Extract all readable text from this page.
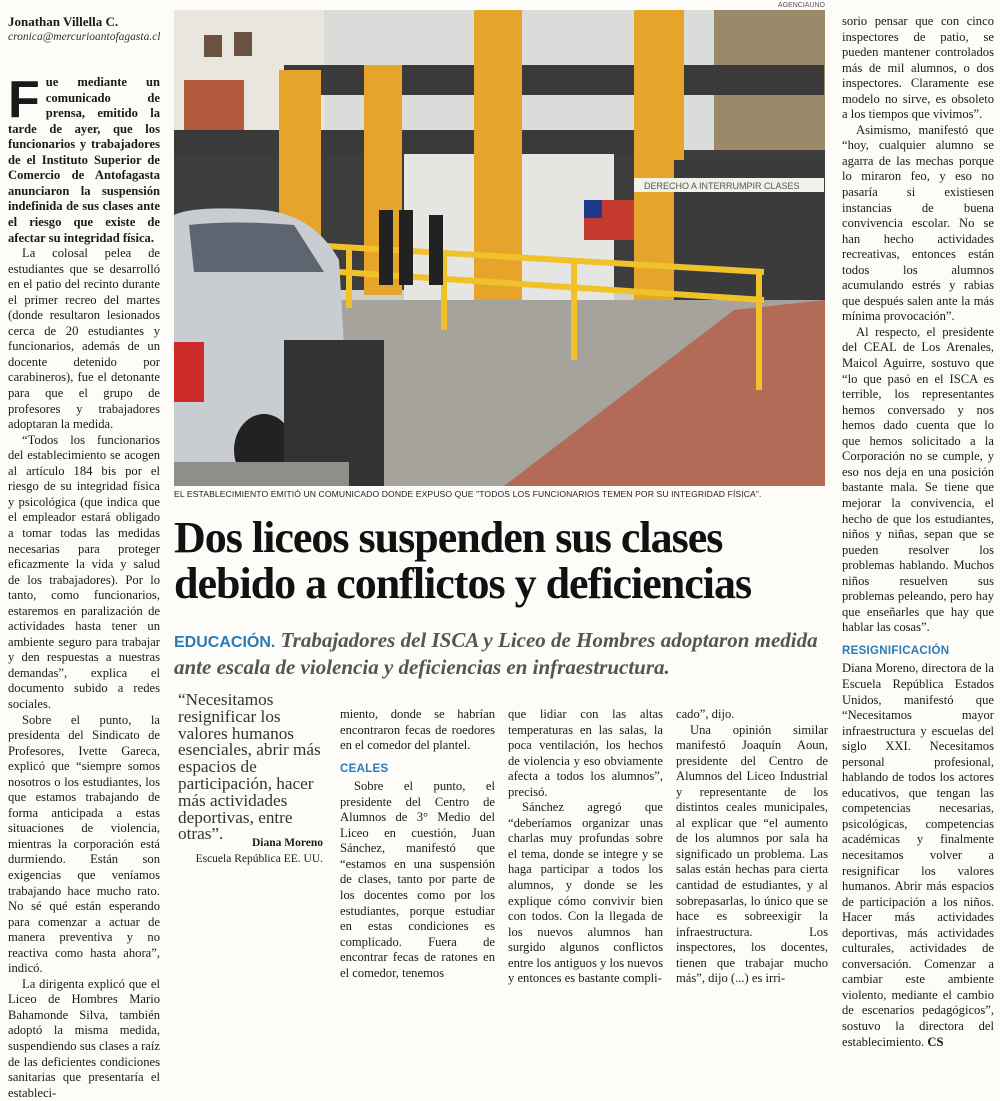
Jonathan Villella C.
cronica@mercurioantofagasta.cl

Fue mediante un comunicado de prensa, emitido la tarde de ayer, que los funcionarios y trabajadores de el Instituto Superior de Comercio de Antofagasta anunciaron la suspensión indefinida de sus clases ante el riesgo que existe de afectar su integridad física.

La colosal pelea de estudiantes que se desarrolló en el patio del recinto durante el primer recreo del martes (donde resultaron lesionados cerca de 20 estudiantes y funcionarios, además de un docente detenido por carabineros), fue el detonante para que el grupo de profesores y trabajadores adoptaran la medida.

“Todos los funcionarios del establecimiento se acogen al artículo 184 bis por el riesgo de su integridad física y psicológica (que indica que el empleador estará obligado a tomar todas las medidas necesarias para proteger eficazmente la vida y salud de los trabajadores). Por lo tanto, como funcionarios, estaremos en paralización de actividades hasta tener un ambiente seguro para trabajar y den respuestas a nuestras demandas”, explica el documento subido a redes sociales.

Sobre el punto, la presidenta del Sindicato de Profesores, Ivette Gareca, explicó que “siempre somos nosotros o los estudiantes, los que estamos trabajando de forma anticipada a estas situaciones de violencia, mientras la corporación está durmiendo. Están son exigencias que veníamos trabajando hace mucho rato. No sé qué están esperando para comenzar a actuar de manera preventiva y no reactiva como hasta ahora”, indicó.

La dirigenta explicó que el Liceo de Hombres Mario Bahamonde Silva, también adoptó la misma medida, suspendiendo sus clases a raíz de las deficientes condiciones sanitarias que presentaría el estableci-

AGENCIAUNO
DERECHO A INTERRUMPIR CLASES
EL ESTABLECIMIENTO EMITIÓ UN COMUNICADO DONDE EXPUSO QUE "TODOS LOS FUNCIONARIOS TEMEN POR SU INTEGRIDAD FÍSICA".
Dos liceos suspenden sus clases debido a conflictos y deficiencias
EDUCACIÓN. Trabajadores del ISCA y Liceo de Hombres adoptaron medida ante escala de violencia y deficiencias en infraestructura.
“Necesitamos resignificar los valores humanos esenciales, abrir más espacios de participación, hacer más actividades deportivas, entre otras”.	Diana Moreno
Escuela República EE. UU.

miento, donde se habrían encontraron fecas de roedores en el comedor del plantel.

CEALES

Sobre el punto, el presidente del Centro de Alumnos de 3° Medio del Liceo en cuestión, Juan Sánchez, manifestó que “estamos en una suspensión de clases, tanto por parte de los docentes como por los estudiantes, porque estudiar en estas condiciones es complicado. Fuera de encontrar fecas de ratones en el comedor, tenemos

que lidiar con las altas temperaturas en las salas, la poca ventilación, los hechos de violencia y eso obviamente afecta a todos los alumnos”, precisó.

Sánchez agregó que “deberíamos organizar unas charlas muy profundas sobre el tema, donde se integre y se haga participar a todos los alumnos, y donde se les explique cómo convivir bien con todos. Con la llegada de los nuevos alumnos han surgido algunos conflictos entre los antiguos y los nuevos y entonces es bastante compli-

cado”, dijo.

Una opinión similar manifestó Joaquín Aoun, presidente del Centro de Alumnos del Liceo Industrial y representante de los distintos ceales municipales, al explicar que “el aumento de los alumnos por sala ha significado un problema. Las salas están hechas para cierta cantidad de estudiantes, y al sobrepasarlas, lo único que se hace es sobreexigir la infraestructura. Los inspectores, los docentes, tienen que trabajar mucho más”, dijo (...) es irri-

sorio pensar que con cinco inspectores de patio, se pueden mantener controlados más de mil alumnos, o dos inspectores. Claramente ese modelo no sirve, es obsoleto a los tiempos que vivimos”.

Asimismo, manifestó que “hoy, cualquier alumno se agarra de las mechas porque lo miraron feo, y eso no pasaría si existiesen instancias de buena convivencia escolar. No se han hecho actividades recreativas, entonces están todos los alumnos acumulando estrés y rabias que después salen ante la más mínima provocación”.

Al respecto, el presidente del CEAL de Los Arenales, Maicol Aguirre, sostuvo que “lo que pasó en el ISCA es terrible, los representantes hemos conversado y nos hemos dado cuenta que lo que hemos solicitado a la Corporación no se cumple, y eso nos deja en una posición bastante mala. Se tiene que mejorar la convivencia, el hecho de que los estudiantes, niños y niñas, sepan que se pueden resolver los problemas hablando. Muchos niños resuelven sus problemas peleando, pero hay que enseñarles que hay que hablar las cosas”.

RESIGNIFICACIÓN

Diana Moreno, directora de la Escuela República Estados Unidos, manifestó que “Necesitamos mayor infraestructura y escuelas del siglo XXI. Necesitamos personal profesional, hablando de todos los actores educativos, que tengan las competencias necesarias, psicológicas, competencias académicas y finalmente necesitamos volver a resignificar los valores humanos. Abrir más espacios de participación a los niños. Hacer más actividades deportivas, más actividades culturales, actividades de conversación. Comenzar a cambiar este ambiente violento, mediante el cambio de escenarios pedagógicos”, sostuvo la directora del establecimiento. CS
